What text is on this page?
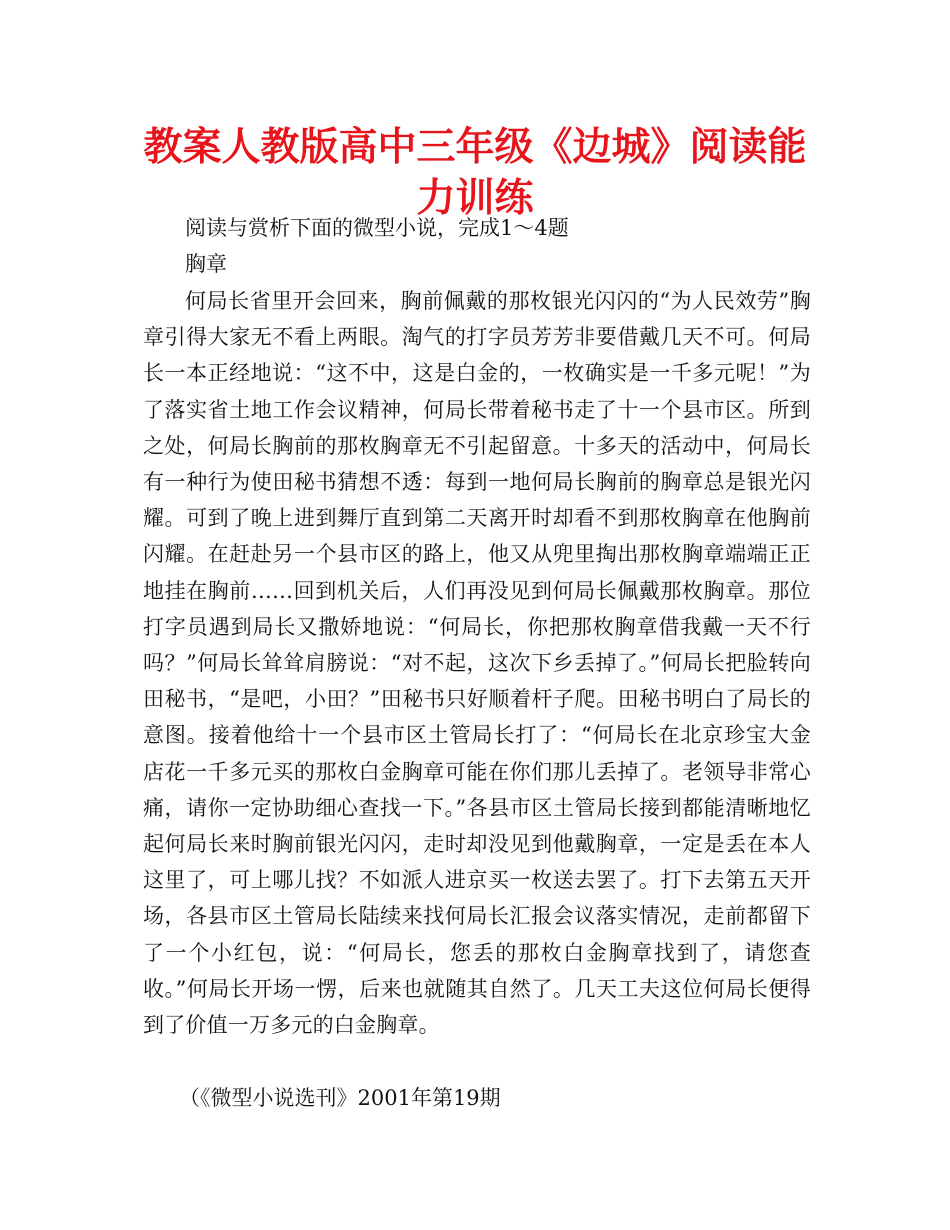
教案人教版高中三年级《边城》阅读能力训练

阅读与赏析下面的微型小说，完成1～4题

胸章

何局长省里开会回来，胸前佩戴的那枚银光闪闪的“为人民效劳”胸章引得大家无不看上两眼。淘气的打字员芳芳非要借戴几天不可。何局长一本正经地说：“这不中，这是白金的，一枚确实是一千多元呢！”为了落实省土地工作会议精神，何局长带着秘书走了十一个县市区。所到之处，何局长胸前的那枚胸章无不引起留意。十多天的活动中，何局长有一种行为使田秘书猜想不透：每到一地何局长胸前的胸章总是银光闪耀。可到了晚上进到舞厅直到第二天离开时却看不到那枚胸章在他胸前闪耀。在赶赴另一个县市区的路上，他又从兜里掏出那枚胸章端端正正地挂在胸前……回到机关后，人们再没见到何局长佩戴那枚胸章。那位打字员遇到局长又撒娇地说：“何局长，你把那枚胸章借我戴一天不行吗？”何局长耸耸肩膀说：“对不起，这次下乡丢掉了。”何局长把脸转向田秘书，“是吧，小田？”田秘书只好顺着杆子爬。田秘书明白了局长的意图。接着他给十一个县市区土管局长打了：“何局长在北京珍宝大金店花一千多元买的那枚白金胸章可能在你们那儿丢掉了。老领导非常心痛，请你一定协助细心查找一下。”各县市区土管局长接到都能清晰地忆起何局长来时胸前银光闪闪，走时却没见到他戴胸章，一定是丢在本人这里了，可上哪儿找？不如派人进京买一枚送去罢了。打下去第五天开场，各县市区土管局长陆续来找何局长汇报会议落实情况，走前都留下了一个小红包，说：“何局长，您丢的那枚白金胸章找到了，请您查收。”何局长开场一愣，后来也就随其自然了。几天工夫这位何局长便得到了价值一万多元的白金胸章。

（《微型小说选刊》2001年第19期
